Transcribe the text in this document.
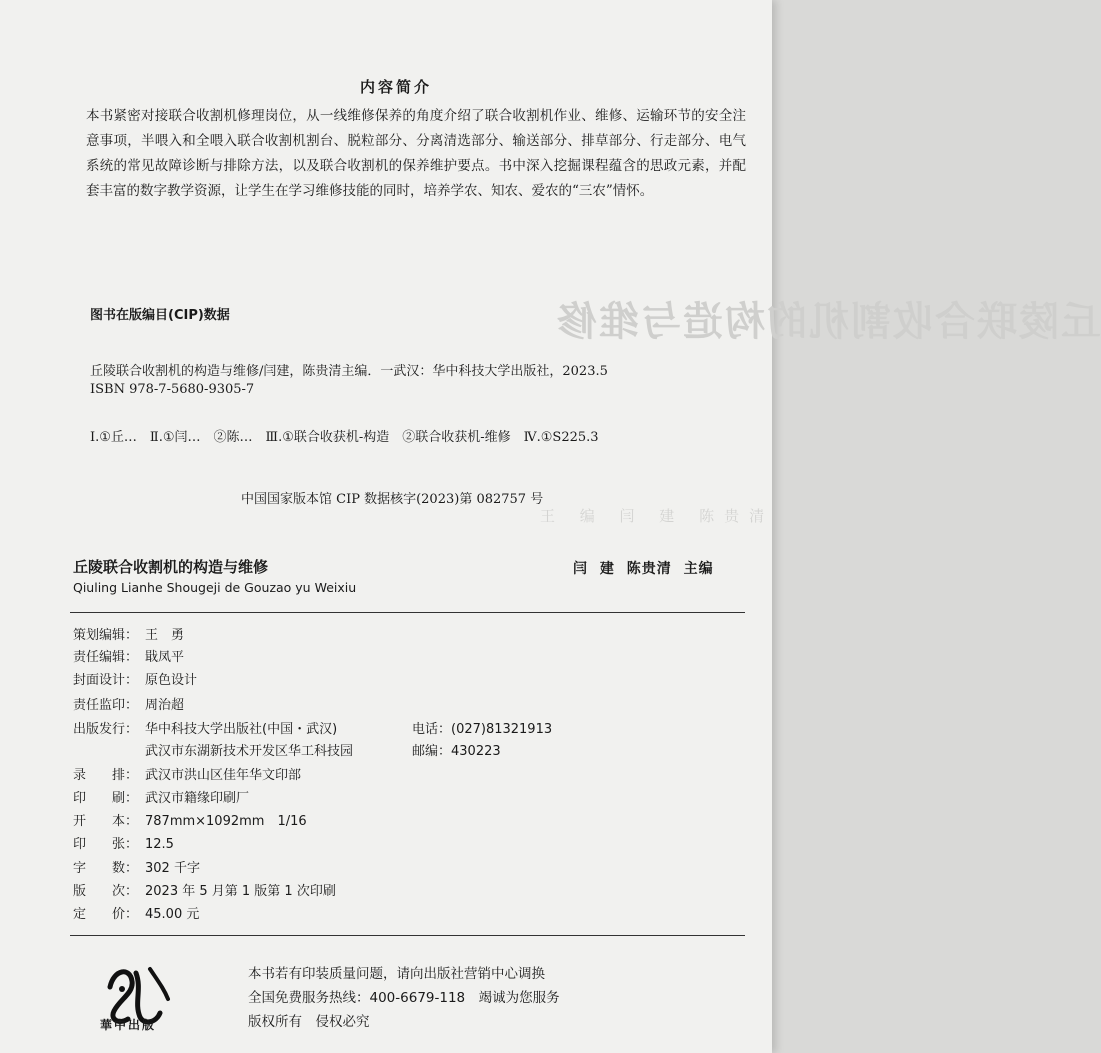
内容简介
本书紧密对接联合收割机修理岗位，从一线维修保养的角度介绍了联合收割机作业、维修、运输环节的安全注意事项，半喂入和全喂入联合收割机割台、脱粒部分、分离清选部分、输送部分、排草部分、行走部分、电气系统的常见故障诊断与排除方法，以及联合收割机的保养维护要点。书中深入挖掘课程蕴含的思政元素，并配套丰富的数字教学资源，让学生在学习维修技能的同时，培养学农、知农、爱农的“三农”情怀。
丘陵联合收割机的构造与维修
图书在版编目(CIP)数据
丘陵联合收割机的构造与维修/闫建，陈贵清主编．一武汉：华中科技大学出版社，2023.5
ISBN 978-7-5680-9305-7
Ⅰ.①丘…　Ⅱ.①闫…　②陈…　Ⅲ.①联合收获机-构造　②联合收获机-维修　Ⅳ.①S225.3
中国国家版本馆 CIP 数据核字(2023)第 082757 号
王 编 闫 建 陈贵清
丘陵联合收割机的构造与维修
Qiuling Lianhe Shougeji de Gouzao yu Weixiu
闫 建 陈贵清 主编
策划编辑： 王　勇
责任编辑： 戢凤平
封面设计： 原色设计
责任监印： 周治超
出版发行： 华中科技大学出版社(中国・武汉)
武汉市东湖新技术开发区华工科技园
录　　排： 武汉市洪山区佳年华文印部
印　　刷： 武汉市籍缘印刷厂
开　　本： 787mm×1092mm　1/16
印　　张： 12.5
字　　数： 302 千字
版　　次： 2023 年 5 月第 1 版第 1 次印刷
定　　价： 45.00 元
电话：(027)81321913
邮编：430223
華中出版
本书若有印装质量问题，请向出版社营销中心调换
全国免费服务热线：400-6679-118　竭诚为您服务
版权所有　侵权必究
